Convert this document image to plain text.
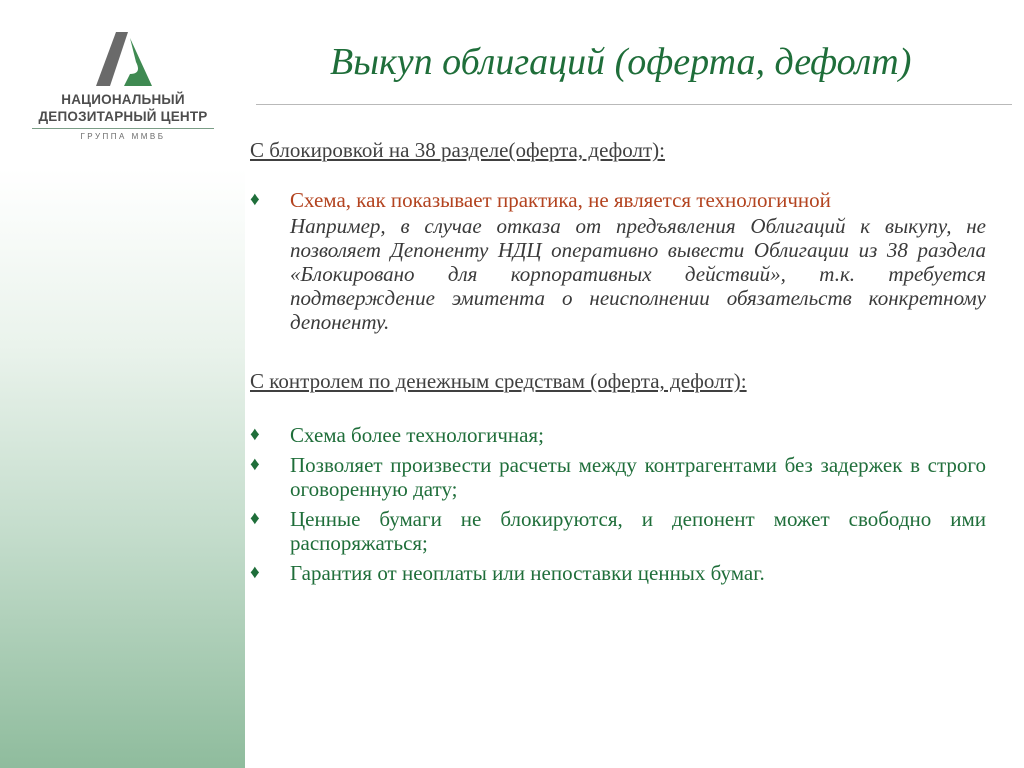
НАЦИОНАЛЬНЫЙ
ДЕПОЗИТАРНЫЙ ЦЕНТР
ГРУППА ММВБ
Выкуп облигаций (оферта, дефолт)

С блокировкой на 38 разделе(оферта, дефолт):

♦ Схема, как показывает практика, не является технологичной

Например, в случае отказа от предъявления Облигаций к выкупу, не позволяет Депоненту НДЦ оперативно вывести Облигации из 38 раздела «Блокировано для корпоративных действий», т.к. требуется подтверждение эмитента о неисполнении обязательств конкретному депоненту.

С контролем по денежным средствам (оферта, дефолт):

♦ Схема более технологичная;

♦ Позволяет произвести расчеты между контрагентами без задержек в строго оговоренную дату;

♦ Ценные бумаги не блокируются, и депонент может свободно ими распоряжаться;

♦ Гарантия от неоплаты или непоставки ценных бумаг.
